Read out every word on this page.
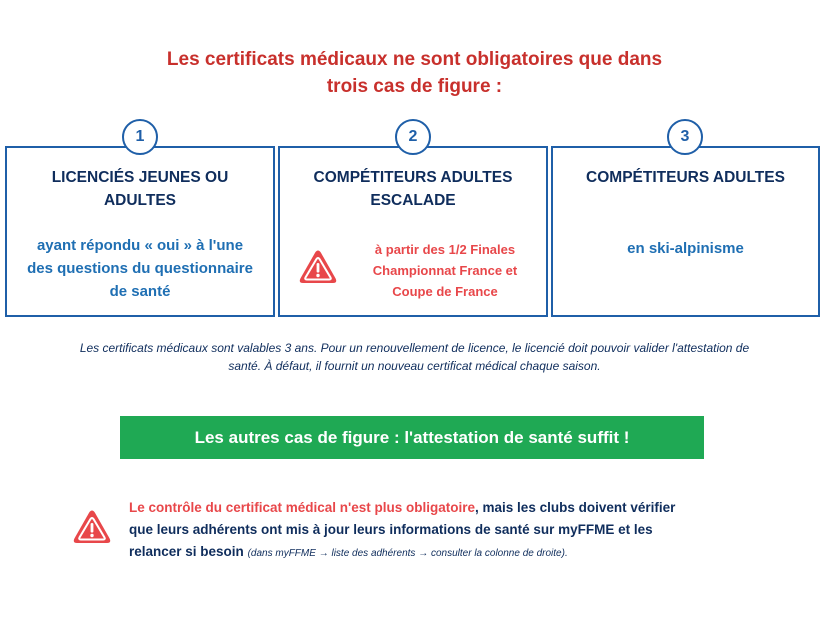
Les certificats médicaux ne sont obligatoires que dans
trois cas de figure :
LICENCIÉS JEUNES OU
ADULTES
ayant répondu « oui » à l'une
des questions du questionnaire
de santé
1
COMPÉTITEURS ADULTES
ESCALADE
à partir des 1/2 Finales
Championnat France et
Coupe de France
2
COMPÉTITEURS ADULTES
en ski-alpinisme
3
Les certificats médicaux sont valables 3 ans. Pour un renouvellement de licence, le licencié doit pouvoir valider l'attestation de
santé. À défaut, il fournit un nouveau certificat médical chaque saison.
Les autres cas de figure : l'attestation de santé suffit !
Le contrôle du certificat médical n'est plus obligatoire, mais les clubs doivent vérifier
que leurs adhérents ont mis à jour leurs informations de santé sur myFFME et les
relancer si besoin (dans myFFME → liste des adhérents → consulter la colonne de droite).
